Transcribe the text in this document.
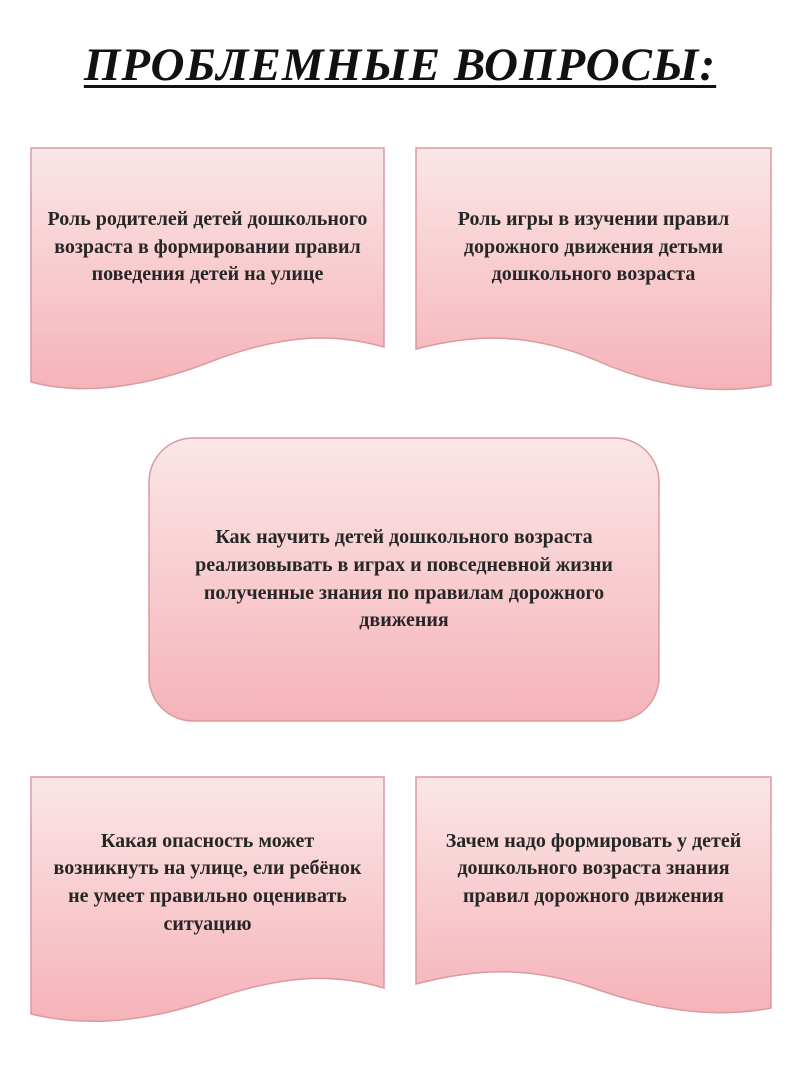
ПРОБЛЕМНЫЕ ВОПРОСЫ:
Роль родителей детей дошкольного возраста в формировании правил поведения детей на улице
Роль игры в изучении правил дорожного движения детьми дошкольного возраста
Как научить детей дошкольного возраста реализовывать в играх и повседневной жизни полученные знания по правилам дорожного движения
Какая опасность может возникнуть на улице, ели ребёнок не умеет правильно оценивать ситуацию
Зачем надо формировать у детей дошкольного возраста знания правил дорожного движения
